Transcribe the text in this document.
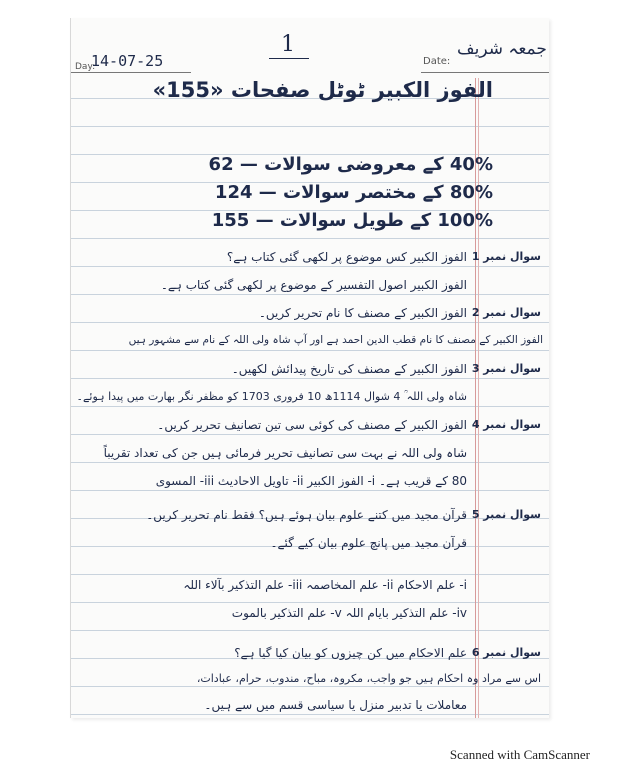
1
Day:
14-07-25	Date:
جمعہ شریف
الفوز الکبیر ٹوٹل صفحات «155»
40% کے معروضی سوالات — 62
80% کے مختصر سوالات — 124
100% کے طویل سوالات — 155
سوال نمبر 1
الفوز الکبیر کس موضوع پر لکھی گئی کتاب ہے؟
الفوز الکبیر اصول التفسیر کے موضوع پر لکھی گئی کتاب ہے۔
سوال نمبر 2
الفوز الکبیر کے مصنف کا نام تحریر کریں۔
الفوز الکبیر کے مصنف کا نام قطب الدین احمد ہے اور آپ شاہ ولی اللہ کے نام سے مشہور ہیں
سوال نمبر 3
الفوز الکبیر کے مصنف کی تاریخ پیدائش لکھیں۔
شاہ ولی اللہ ؒ 4 شوال 1114ھ 10 فروری 1703 کو مظفر نگر بھارت میں پیدا ہوئے۔
سوال نمبر 4
الفوز الکبیر کے مصنف کی کوئی سی تین تصانیف تحریر کریں۔
شاہ ولی اللہ نے بہت سی تصانیف تحریر فرمائی ہیں جن کی تعداد تقریباً
80 کے قریب ہے۔ i- الفوز الکبیر ii- تاویل الاحادیث iii- المسوی
سوال نمبر 5
قرآن مجید میں کتنے علوم بیان ہوئے ہیں؟ فقط نام تحریر کریں۔
قرآن مجید میں پانچ علوم بیان کیے گئے۔
i- علم الاحکام ii- علم المخاصمہ iii- علم التذکیر بآلاء اللہ
iv- علم التذکیر بایام اللہ v- علم التذکیر بالموت
سوال نمبر 6
علم الاحکام میں کن چیزوں کو بیان کیا گیا ہے؟
اس سے مراد وہ احکام ہیں جو واجب، مکروہ، مباح، مندوب، حرام، عبادات،
معاملات یا تدبیر منزل یا سیاسی قسم میں سے ہیں۔
Scanned with CamScanner
